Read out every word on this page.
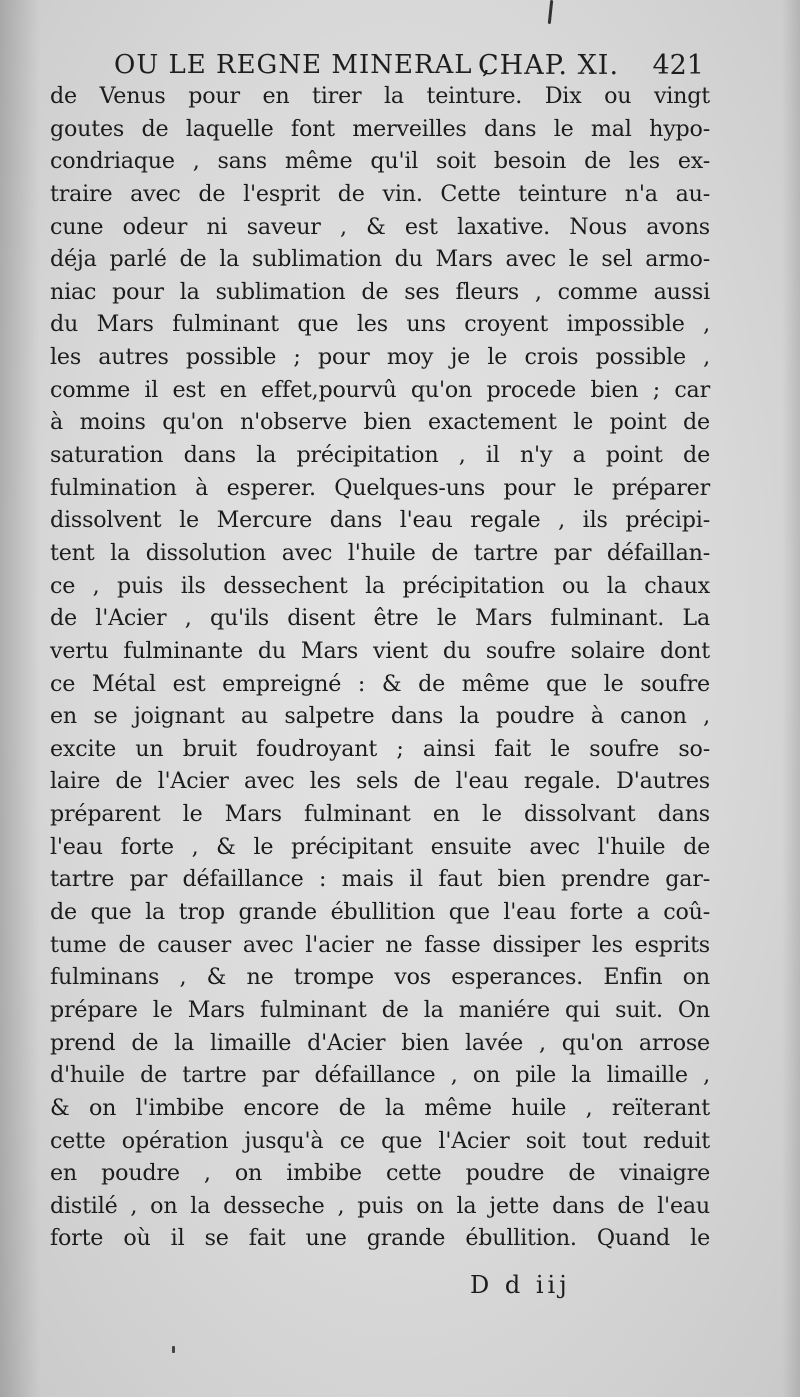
OU LE REGNE MINERAL ,
CHAP. XI. 421
de Venus pour en tirer la teinture. Dix ou vingt
goutes de laquelle font merveilles dans le mal hypo-
condriaque , sans même qu'il soit besoin de les ex-
traire avec de l'esprit de vin. Cette teinture n'a au-
cune odeur ni saveur , & est laxative. Nous avons
déja parlé de la sublimation du Mars avec le sel armo-
niac pour la sublimation de ses fleurs , comme aussi
du Mars fulminant que les uns croyent impossible ,
les autres possible ; pour moy je le crois possible ,
comme il est en effet,pourvû qu'on procede bien ; car
à moins qu'on n'observe bien exactement le point de
saturation dans la précipitation , il n'y a point de
fulmination à esperer. Quelques-uns pour le préparer
dissolvent le Mercure dans l'eau regale , ils précipi-
tent la dissolution avec l'huile de tartre par défaillan-
ce , puis ils dessechent la précipitation ou la chaux
de l'Acier , qu'ils disent être le Mars fulminant. La
vertu fulminante du Mars vient du soufre solaire dont
ce Métal est empreigné : & de même que le soufre
en se joignant au salpetre dans la poudre à canon ,
excite un bruit foudroyant ; ainsi fait le soufre so-
laire de l'Acier avec les sels de l'eau regale. D'autres
préparent le Mars fulminant en le dissolvant dans
l'eau forte , & le précipitant ensuite avec l'huile de
tartre par défaillance : mais il faut bien prendre gar-
de que la trop grande ébullition que l'eau forte a coû-
tume de causer avec l'acier ne fasse dissiper les esprits
fulminans , & ne trompe vos esperances. Enfin on
prépare le Mars fulminant de la maniére qui suit. On
prend de la limaille d'Acier bien lavée , qu'on arrose
d'huile de tartre par défaillance , on pile la limaille ,
& on l'imbibe encore de la même huile , reïterant
cette opération jusqu'à ce que l'Acier soit tout reduit
en poudre , on imbibe cette poudre de vinaigre
distilé , on la desseche , puis on la jette dans de l'eau
forte où il se fait une grande ébullition. Quand le
D d iij
